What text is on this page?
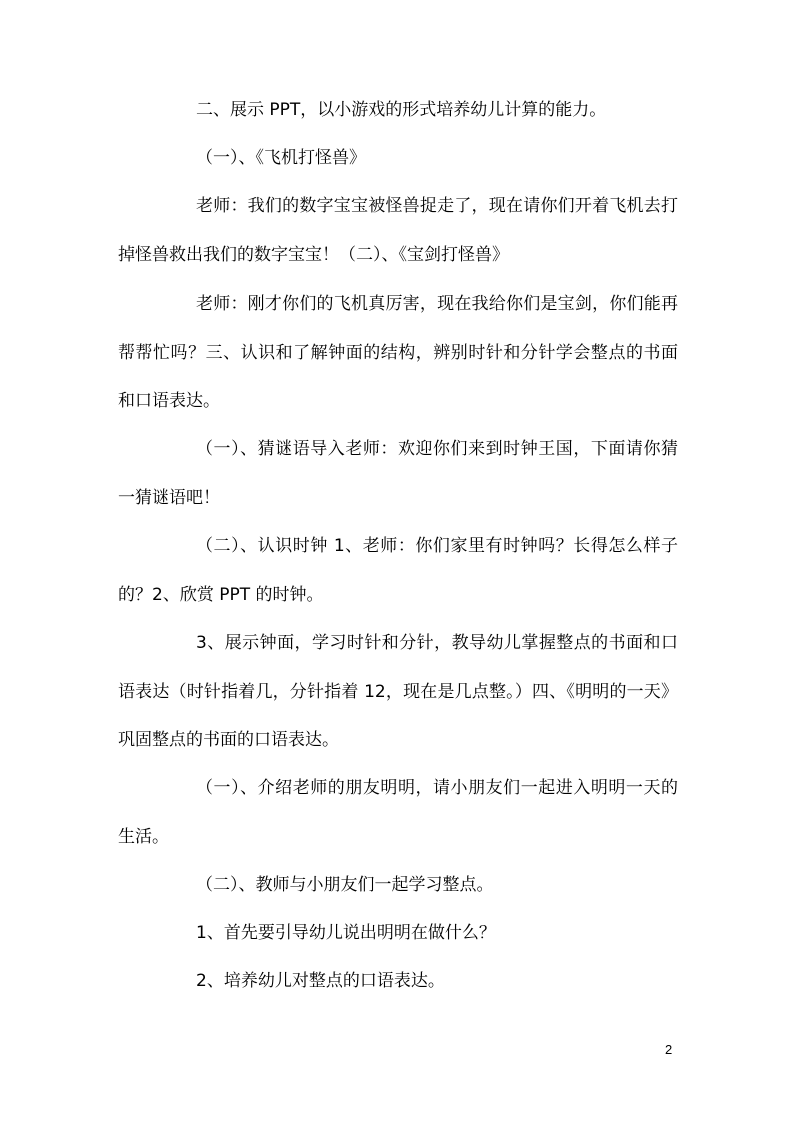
二、展示 PPT，以小游戏的形式培养幼儿计算的能力。

（一）、《飞机打怪兽》

老师：我们的数字宝宝被怪兽捉走了，现在请你们开着飞机去打掉怪兽救出我们的数字宝宝！（二）、《宝剑打怪兽》

老师：刚才你们的飞机真厉害，现在我给你们是宝剑，你们能再帮帮忙吗？三、认识和了解钟面的结构，辨别时针和分针学会整点的书面和口语表达。

（一）、猜谜语导入老师：欢迎你们来到时钟王国，下面请你猜一猜谜语吧！

（二）、认识时钟 1、老师：你们家里有时钟吗？长得怎么样子的？2、欣赏 PPT 的时钟。

3、展示钟面，学习时针和分针，教导幼儿掌握整点的书面和口语表达（时针指着几，分针指着 12，现在是几点整。）四、《明明的一天》巩固整点的书面的口语表达。

（一）、介绍老师的朋友明明，请小朋友们一起进入明明一天的生活。

（二）、教师与小朋友们一起学习整点。

1、首先要引导幼儿说出明明在做什么？

2、培养幼儿对整点的口语表达。

2
